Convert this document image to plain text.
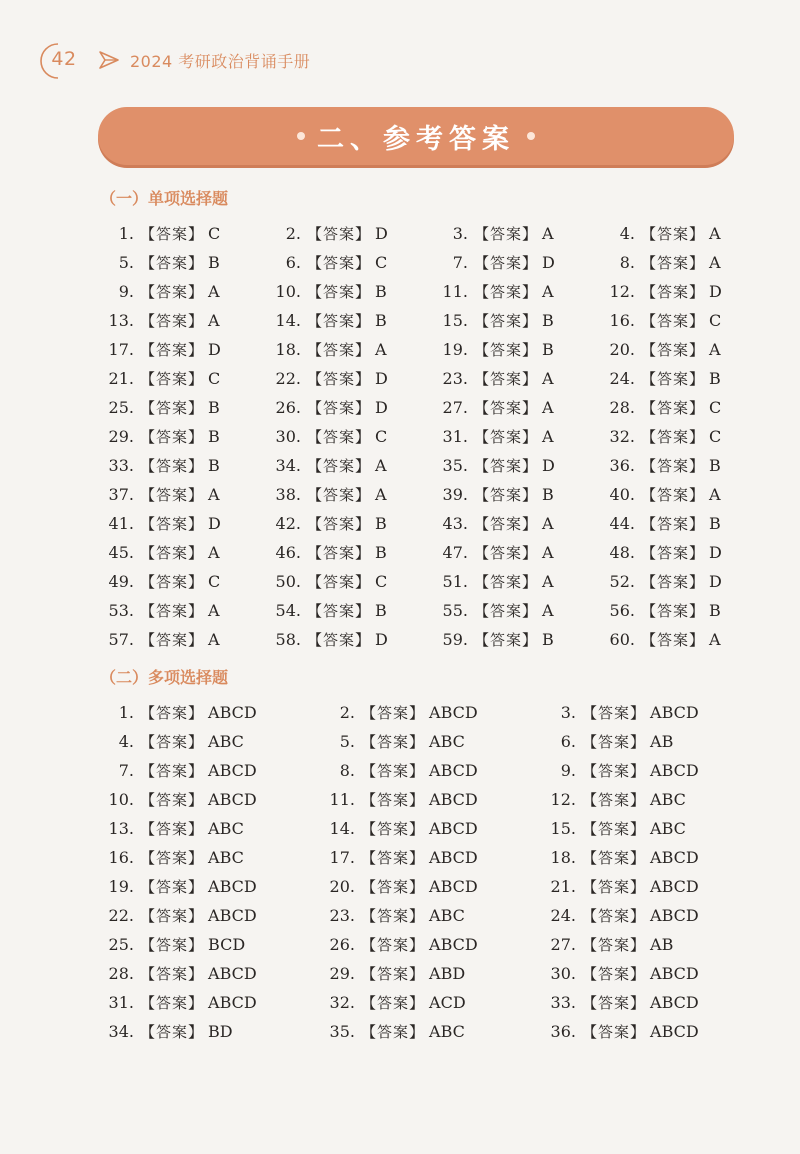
42	2024 考研政治背诵手册
二、参考答案
（一）单项选择题
1. 【答案】 C	2. 【答案】 D	3. 【答案】 A	4. 【答案】 A
5. 【答案】 B	6. 【答案】 C	7. 【答案】 D	8. 【答案】 A
9. 【答案】 A	10. 【答案】 B	11. 【答案】 A	12. 【答案】 D
13. 【答案】 A	14. 【答案】 B	15. 【答案】 B	16. 【答案】 C
17. 【答案】 D	18. 【答案】 A	19. 【答案】 B	20. 【答案】 A
21. 【答案】 C	22. 【答案】 D	23. 【答案】 A	24. 【答案】 B
25. 【答案】 B	26. 【答案】 D	27. 【答案】 A	28. 【答案】 C
29. 【答案】 B	30. 【答案】 C	31. 【答案】 A	32. 【答案】 C
33. 【答案】 B	34. 【答案】 A	35. 【答案】 D	36. 【答案】 B
37. 【答案】 A	38. 【答案】 A	39. 【答案】 B	40. 【答案】 A
41. 【答案】 D	42. 【答案】 B	43. 【答案】 A	44. 【答案】 B
45. 【答案】 A	46. 【答案】 B	47. 【答案】 A	48. 【答案】 D
49. 【答案】 C	50. 【答案】 C	51. 【答案】 A	52. 【答案】 D
53. 【答案】 A	54. 【答案】 B	55. 【答案】 A	56. 【答案】 B
57. 【答案】 A	58. 【答案】 D	59. 【答案】 B	60. 【答案】 A
（二）多项选择题
1. 【答案】 ABCD	2. 【答案】 ABCD	3. 【答案】 ABCD
4. 【答案】 ABC	5. 【答案】 ABC	6. 【答案】 AB
7. 【答案】 ABCD	8. 【答案】 ABCD	9. 【答案】 ABCD
10. 【答案】 ABCD	11. 【答案】 ABCD	12. 【答案】 ABC
13. 【答案】 ABC	14. 【答案】 ABCD	15. 【答案】 ABC
16. 【答案】 ABC	17. 【答案】 ABCD	18. 【答案】 ABCD
19. 【答案】 ABCD	20. 【答案】 ABCD	21. 【答案】 ABCD
22. 【答案】 ABCD	23. 【答案】 ABC	24. 【答案】 ABCD
25. 【答案】 BCD	26. 【答案】 ABCD	27. 【答案】 AB
28. 【答案】 ABCD	29. 【答案】 ABD	30. 【答案】 ABCD
31. 【答案】 ABCD	32. 【答案】 ACD	33. 【答案】 ABCD
34. 【答案】 BD	35. 【答案】 ABC	36. 【答案】 ABCD
